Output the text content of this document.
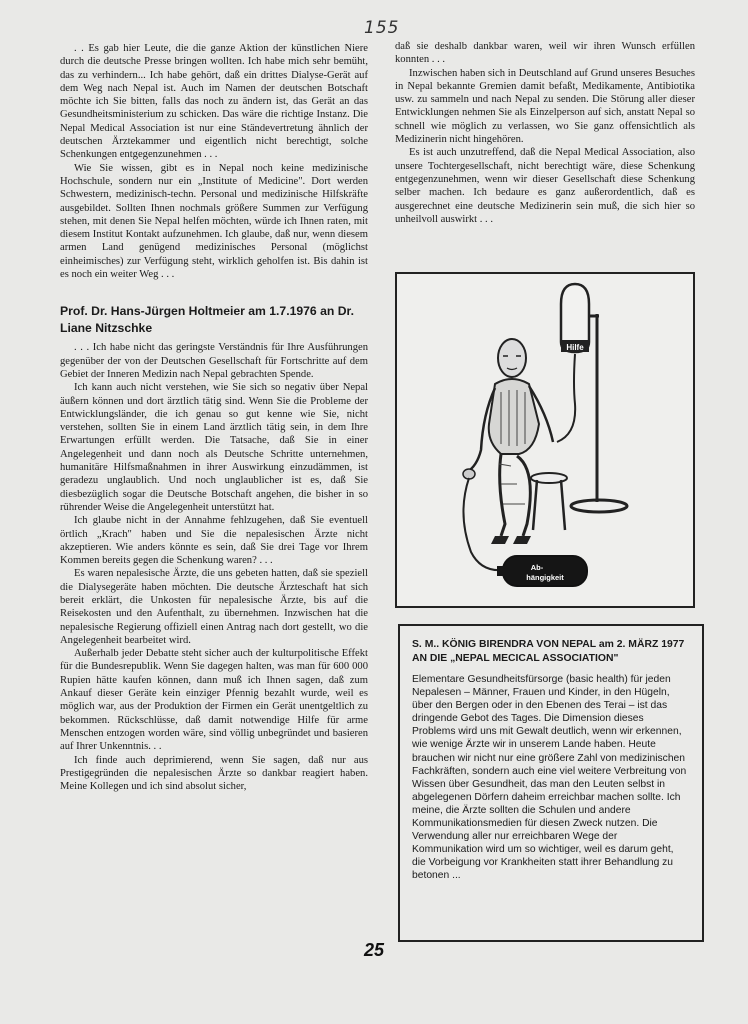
155

. . Es gab hier Leute, die die ganze Aktion der künstlichen Niere durch die deutsche Presse bringen wollten. Ich habe mich sehr bemüht, das zu verhindern... Ich habe gehört, daß ein drittes Dialyse-Gerät auf dem Weg nach Nepal ist. Auch im Namen der deutschen Botschaft möchte ich Sie bitten, falls das noch zu ändern ist, das Gerät an das Gesundheitsministerium zu schicken. Das wäre die richtige Instanz. Die Nepal Medical Association ist nur eine Ständevertretung ähnlich der deutschen Ärztekammer und eigentlich nicht berechtigt, solche Schenkungen entgegenzunehmen . . .

Wie Sie wissen, gibt es in Nepal noch keine medizinische Hochschule, sondern nur ein „Institute of Medicine". Dort werden Schwestern, medizinisch-techn. Personal und medizinische Hilfskräfte ausgebildet. Sollten Ihnen nochmals größere Summen zur Verfügung stehen, mit denen Sie Nepal helfen möchten, würde ich Ihnen raten, mit diesem Institut Kontakt aufzunehmen. Ich glaube, daß nur, wenn diesem armen Land genügend medizinisches Personal (möglichst einheimisches) zur Verfügung steht, wirklich geholfen ist. Bis dahin ist es noch ein weiter Weg . . .

Prof. Dr. Hans-Jürgen Holtmeier am 1.7.1976 an Dr. Liane Nitzschke

. . . Ich habe nicht das geringste Verständnis für Ihre Ausführungen gegenüber der von der Deutschen Gesellschaft für Fortschritte auf dem Gebiet der Inneren Medizin nach Nepal gebrachten Spende.

Ich kann auch nicht verstehen, wie Sie sich so negativ über Nepal äußern können und dort ärztlich tätig sind. Wenn Sie die Probleme der Entwicklungsländer, die ich genau so gut kenne wie Sie, nicht verstehen, sollten Sie in einem Land ärztlich tätig sein, in dem Ihre Erwartungen erfüllt werden. Die Tatsache, daß Sie in einer Angelegenheit und dann noch als Deutsche Schritte unternehmen, humanitäre Hilfsmaßnahmen in ihrer Auswirkung einzudämmen, ist geradezu unglaublich. Und noch unglaublicher ist es, daß Sie diesbezüglich sogar die Deutsche Botschaft angehen, die bisher in so rührender Weise die Angelegenheit unterstützt hat.

Ich glaube nicht in der Annahme fehlzugehen, daß Sie eventuell örtlich „Krach" haben und Sie die nepalesischen Ärzte nicht akzeptieren. Wie anders könnte es sein, daß Sie drei Tage vor Ihrem Kommen bereits gegen die Schenkung waren? . . .

Es waren nepalesische Ärzte, die uns gebeten hatten, daß sie speziell die Dialysegeräte haben möchten. Die deutsche Ärzteschaft hat sich bereit erklärt, die Unkosten für nepalesische Ärzte, bis auf die Reisekosten und den Aufenthalt, zu übernehmen. Inzwischen hat die nepalesische Regierung offiziell einen Antrag nach dort gestellt, wo die Angelegenheit bearbeitet wird.

Außerhalb jeder Debatte steht sicher auch der kulturpolitische Effekt für die Bundesrepublik. Wenn Sie dagegen halten, was man für 600 000 Rupien hätte kaufen können, dann muß ich Ihnen sagen, daß zum Ankauf dieser Geräte kein einziger Pfennig bezahlt wurde, weil es möglich war, aus der Produktion der Firmen ein Gerät unentgeltlich zu bekommen. Rückschlüsse, daß damit notwendige Hilfe für arme Menschen entzogen worden wäre, sind völlig unbegründet und basieren auf Ihrer Unkenntnis. . .

Ich finde auch deprimierend, wenn Sie sagen, daß nur aus Prestigegründen die nepalesischen Ärzte so dankbar reagiert haben. Meine Kollegen und ich sind absolut sicher,

daß sie deshalb dankbar waren, weil wir ihren Wunsch erfüllen konnten . . .

Inzwischen haben sich in Deutschland auf Grund unseres Besuches in Nepal bekannte Gremien damit befaßt, Medikamente, Antibiotika usw. zu sammeln und nach Nepal zu senden. Die Störung aller dieser Entwicklungen nehmen Sie als Einzelperson auf sich, anstatt Nepal so schnell wie möglich zu verlassen, wo Sie ganz offensichtlich als Medizinerin nicht hingehören.

Es ist auch unzutreffend, daß die Nepal Medical Association, also unsere Tochtergesellschaft, nicht berechtigt wäre, diese Schenkung entgegenzunehmen, wenn wir dieser Gesellschaft diese Schenkung selber machen. Ich bedaure es ganz außerordentlich, daß es ausgerechnet eine deutsche Medizinerin sein muß, die sich hier so unheilvoll auswirkt . . .

Hilfe
Ab-
hängigkeit
S. M.. KÖNIG BIRENDRA VON NEPAL am 2. MÄRZ 1977 AN DIE „NEPAL MECICAL ASSOCIATION"

Elementare Gesundheitsfürsorge (basic health) für jeden Nepalesen – Männer, Frauen und Kinder, in den Hügeln, über den Bergen oder in den Ebenen des Terai – ist das dringende Gebot des Tages. Die Dimension dieses Problems wird uns mit Gewalt deutlich, wenn wir erkennen, wie wenige Ärzte wir in unserem Lande haben. Heute brauchen wir nicht nur eine größere Zahl von medizinischen Fachkräften, sondern auch eine viel weitere Verbreitung von Wissen über Gesundheit, das man den Leuten selbst in abgelegenen Dörfern daheim erreichbar machen sollte. Ich meine, die Ärzte sollten die Schulen und andere Kommunikationsmedien für diesen Zweck nutzen. Die Verwendung aller nur erreichbaren Wege der Kommunikation wird um so wichtiger, weil es darum geht, die Vorbeigung vor Krankheiten statt ihrer Behandlung zu betonen ...

25
